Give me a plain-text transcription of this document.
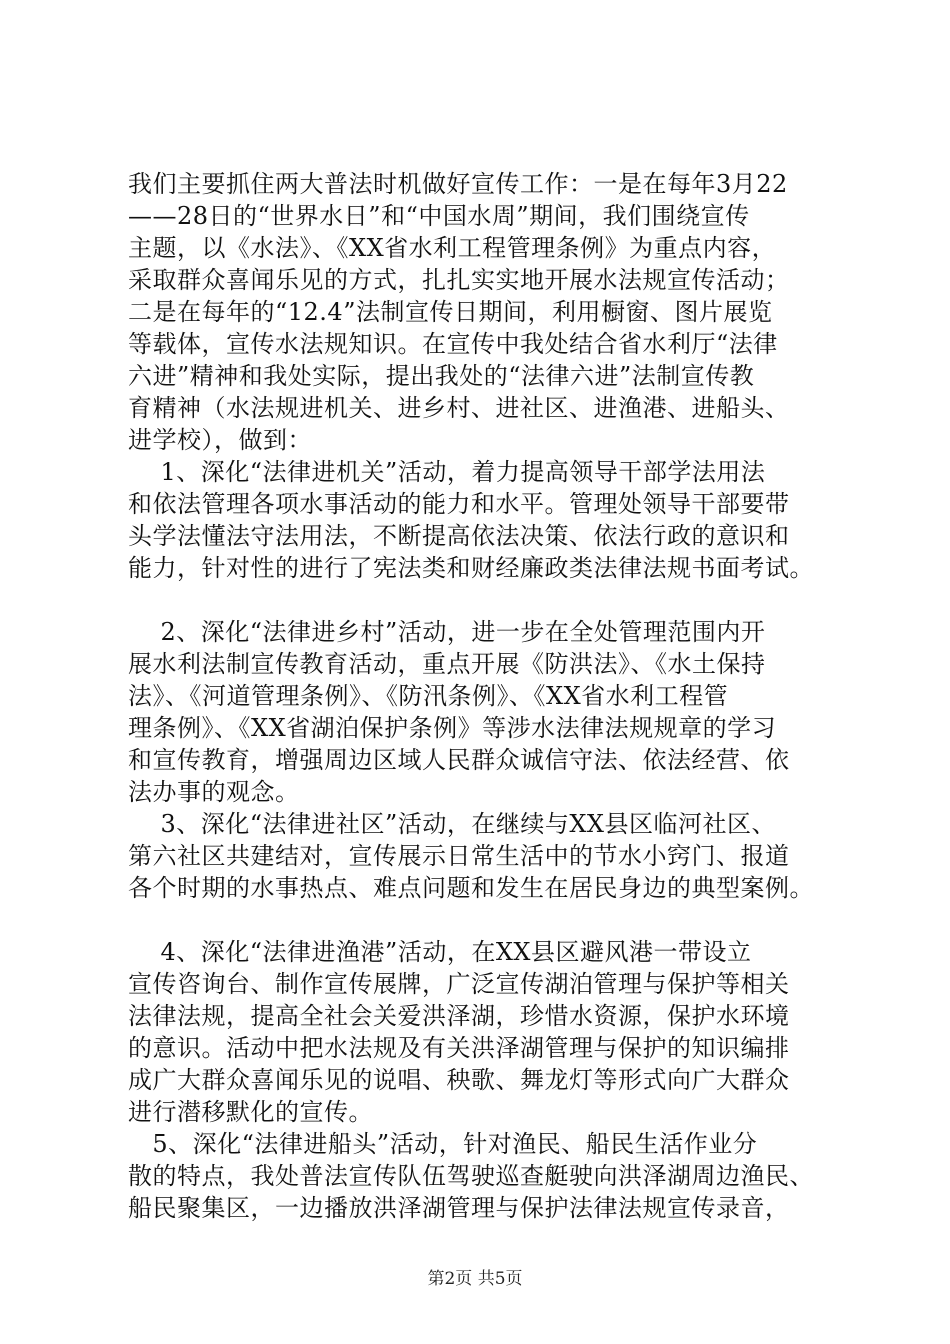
我们主要抓住两大普法时机做好宣传工作：一是在每年3月22
——28日的“世界水日”和“中国水周”期间，我们围绕宣传
主题，以《水法》、《XX省水利工程管理条例》为重点内容，
采取群众喜闻乐见的方式，扎扎实实地开展水法规宣传活动；
二是在每年的“12.4”法制宣传日期间，利用橱窗、图片展览
等载体，宣传水法规知识。在宣传中我处结合省水利厅“法律
六进”精神和我处实际，提出我处的“法律六进”法制宣传教
育精神（水法规进机关、进乡村、进社区、进渔港、进船头、
进学校），做到：
1、深化“法律进机关”活动，着力提高领导干部学法用法
和依法管理各项水事活动的能力和水平。管理处领导干部要带
头学法懂法守法用法，不断提高依法决策、依法行政的意识和
能力，针对性的进行了宪法类和财经廉政类法律法规书面考试。
2、深化“法律进乡村”活动，进一步在全处管理范围内开
展水利法制宣传教育活动，重点开展《防洪法》、《水土保持
法》、《河道管理条例》、《防汛条例》、《XX省水利工程管
理条例》、《XX省湖泊保护条例》等涉水法律法规规章的学习
和宣传教育，增强周边区域人民群众诚信守法、依法经营、依
法办事的观念。
3、深化“法律进社区”活动，在继续与XX县区临河社区、
第六社区共建结对，宣传展示日常生活中的节水小窍门、报道
各个时期的水事热点、难点问题和发生在居民身边的典型案例。
4、深化“法律进渔港”活动，在XX县区避风港一带设立
宣传咨询台、制作宣传展牌，广泛宣传湖泊管理与保护等相关
法律法规，提高全社会关爱洪泽湖，珍惜水资源，保护水环境
的意识。活动中把水法规及有关洪泽湖管理与保护的知识编排
成广大群众喜闻乐见的说唱、秧歌、舞龙灯等形式向广大群众
进行潜移默化的宣传。
5、深化“法律进船头”活动，针对渔民、船民生活作业分
散的特点，我处普法宣传队伍驾驶巡查艇驶向洪泽湖周边渔民、
船民聚集区，一边播放洪泽湖管理与保护法律法规宣传录音，
第2页 共5页
